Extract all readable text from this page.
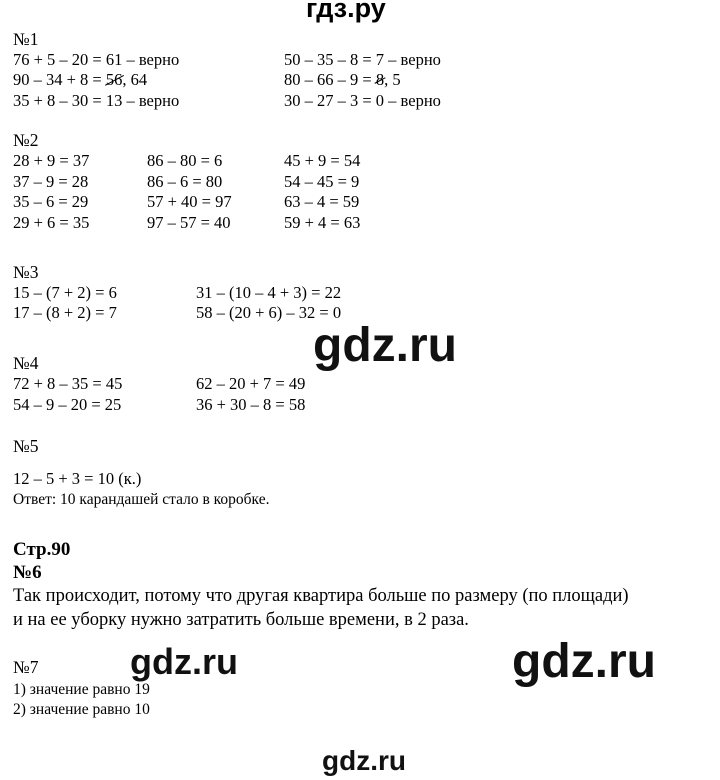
гдз.ру
gdz.ru
gdz.ru	gdz.ru
gdz.ru
№1
76 + 5 – 20 = 61 – верно
90 – 34 + 8 = 56, 64
35 + 8 – 30 = 13 – верно
50 – 35 – 8 = 7 – верно
80 – 66 – 9 = 8, 5
30 – 27 – 3 = 0 – верно
№2
28 + 9 = 37
37 – 9 = 28
35 – 6 = 29
29 + 6 = 35
86 – 80 = 6
86 – 6 = 80
57 + 40 = 97
97 – 57 = 40
45 + 9 = 54
54 – 45 = 9
63 – 4 = 59
59 + 4 = 63
№3
15 – (7 + 2) = 6
17 – (8 + 2) = 7
31 – (10 – 4 + 3) = 22
58 – (20 + 6) – 32 = 0
№4
72 + 8 – 35 = 45
54 – 9 – 20 = 25
62 – 20 + 7 = 49
36 + 30 – 8 = 58
№5
12 – 5 + 3 = 10 (к.)
Ответ: 10 карандашей стало в коробке.
Стр.90
№6
Так происходит, потому что другая квартира больше по размеру (по площади)
и на ее уборку нужно затратить больше времени, в 2 раза.
№7
1) значение равно 19
2) значение равно 10
